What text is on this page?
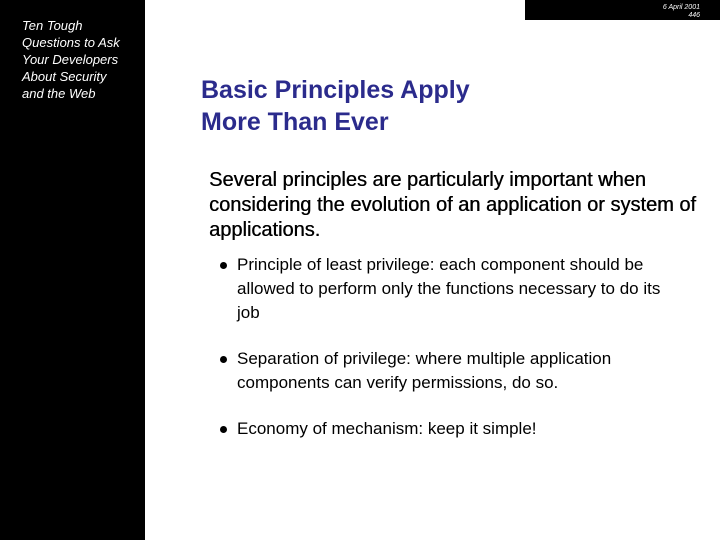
Ten Tough Questions to Ask Your Developers About Security and the Web
6 April 2001
446
Basic Principles Apply
More Than Ever
Several principles are particularly important when considering the evolution of an application or system of applications.
Principle of least privilege: each component should be allowed to perform only the functions necessary to do its job
Separation of privilege: where multiple application components can verify permissions, do so.
Economy of mechanism: keep it simple!
